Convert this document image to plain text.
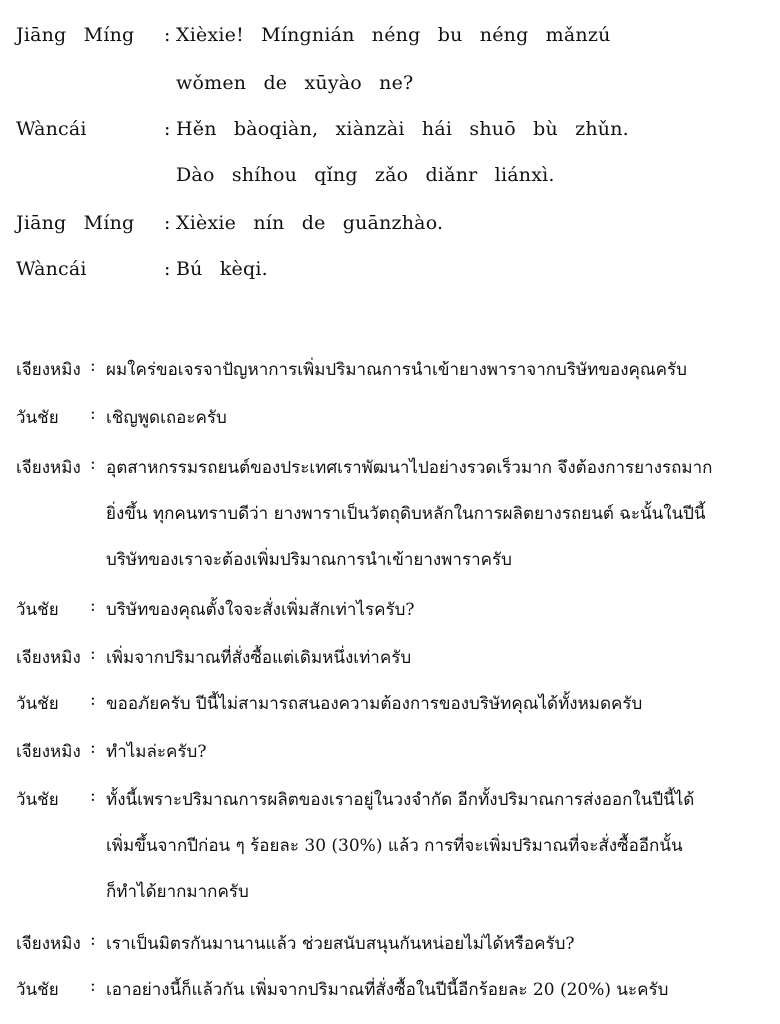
Jiāng Míng : Xièxie! Míngnián néng bu néng mǎnzú
wǒmen de xūyào ne?
Wàncái	: Hěn bàoqiàn, xiànzài hái shuō bù zhǔn.
Dào shíhou qǐng zǎo diǎnr liánxì.
Jiāng Míng : Xièxie nín de guānzhào.
Wàncái	: Bú kèqi.
เจียงหมิง : ผมใคร่ขอเจรจาปัญหาการเพิ่มปริมาณการนำเข้ายางพาราจากบริษัทของคุณครับ
วันชัย : เชิญพูดเถอะครับ
เจียงหมิง : อุตสาหกรรมรถยนต์ของประเทศเราพัฒนาไปอย่างรวดเร็วมาก จึงต้องการยางรถมาก
ยิ่งขึ้น ทุกคนทราบดีว่า ยางพาราเป็นวัตถุดิบหลักในการผลิตยางรถยนต์ ฉะนั้นในปีนี้
บริษัทของเราจะต้องเพิ่มปริมาณการนำเข้ายางพาราครับ
วันชัย : บริษัทของคุณตั้งใจจะสั่งเพิ่มสักเท่าไรครับ?
เจียงหมิง : เพิ่มจากปริมาณที่สั่งซื้อแต่เดิมหนึ่งเท่าครับ
วันชัย : ขออภัยครับ ปีนี้ไม่สามารถสนองความต้องการของบริษัทคุณได้ทั้งหมดครับ
เจียงหมิง : ทำไมล่ะครับ?
วันชัย : ทั้งนี้เพราะปริมาณการผลิตของเราอยู่ในวงจำกัด อีกทั้งปริมาณการส่งออกในปีนี้ได้
เพิ่มขึ้นจากปีก่อน ๆ ร้อยละ 30 (30%) แล้ว การที่จะเพิ่มปริมาณที่จะสั่งซื้ออีกนั้น
ก็ทำได้ยากมากครับ
เจียงหมิง : เราเป็นมิตรกันมานานแล้ว ช่วยสนับสนุนกันหน่อยไม่ได้หรือครับ?
วันชัย : เอาอย่างนี้ก็แล้วกัน เพิ่มจากปริมาณที่สั่งซื้อในปีนี้อีกร้อยละ 20 (20%) นะครับ
